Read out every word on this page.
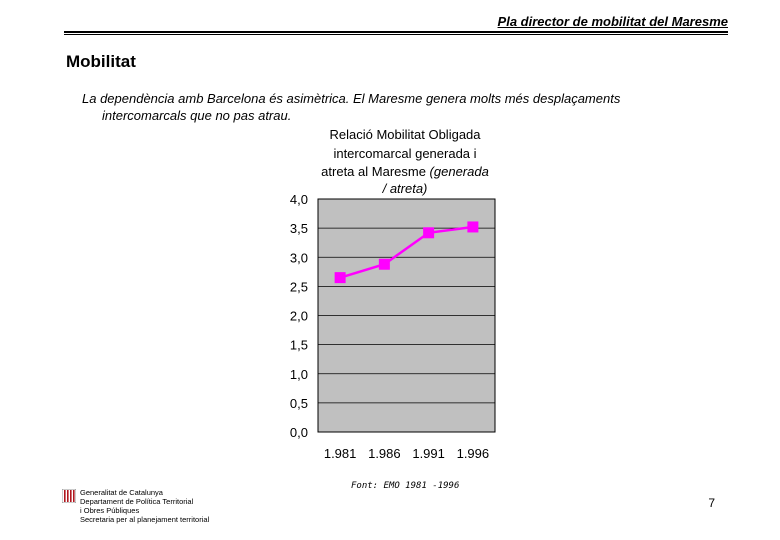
Pla director de mobilitat del Maresme
Mobilitat
La dependència amb Barcelona és asimètrica. El Maresme genera molts més desplaçaments
intercomarcals que no pas atrau.
0,0
0,5
1,0
1,5
2,0
2,5
3,0
3,5
4,0
1.981 1.986 1.991 1.996
Relació Mobilitat Obligada
intercomarcal generada i
atreta al Maresme (generada
/ atreta)
Font: EMO 1981 -1996
Generalitat de Catalunya
Departament de Política Territorial
i Obres Públiques
Secretaria per al planejament territorial
7
